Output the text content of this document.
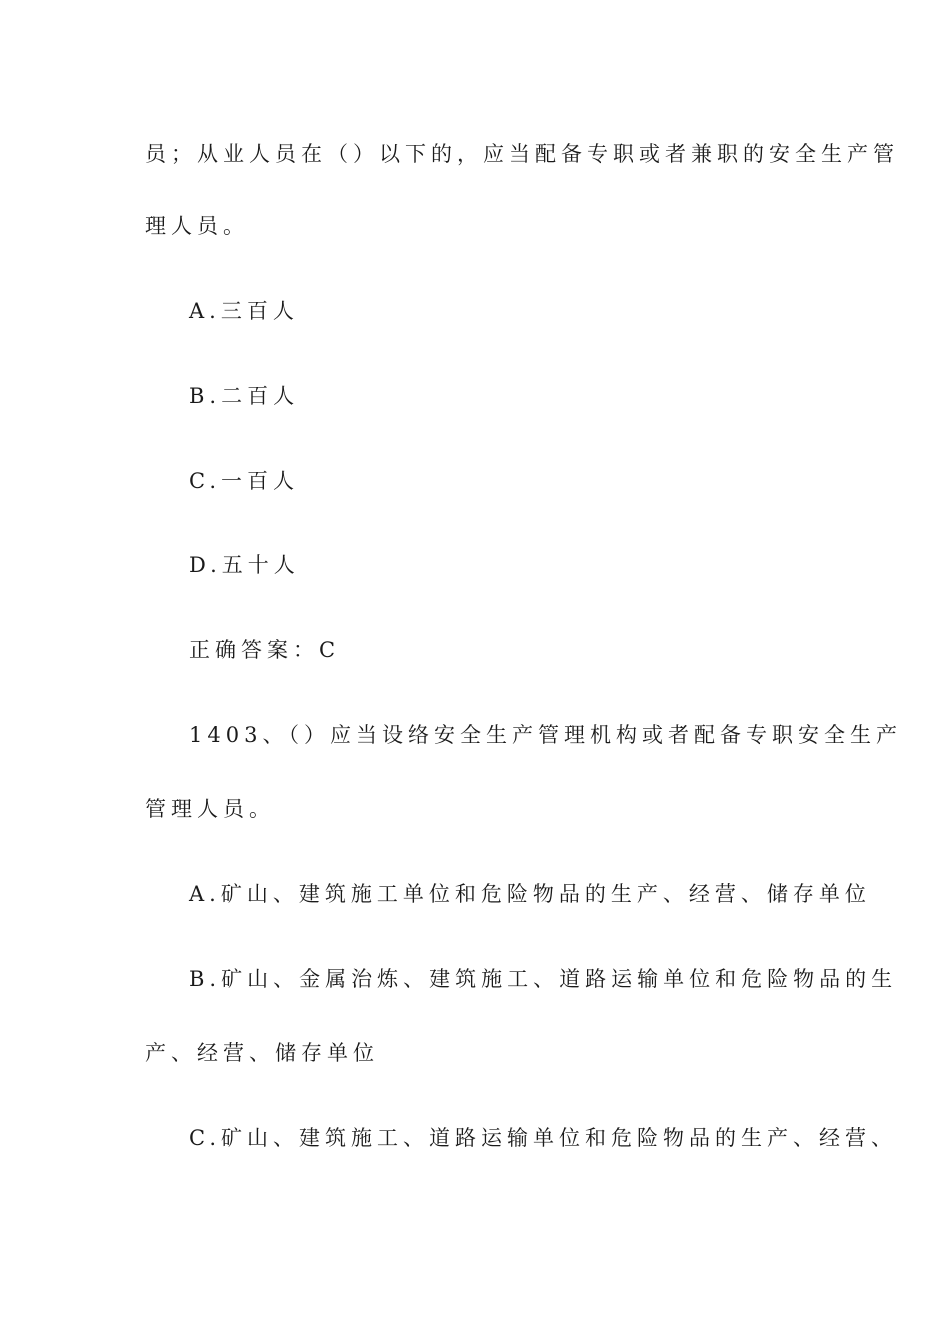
员；从业人员在（）以下的，应当配备专职或者兼职的安全生产管
理人员。
A.三百人
B.二百人
C.一百人
D.五十人
正确答案：C
1403、（）应当设络安全生产管理机构或者配备专职安全生产
管理人员。
A.矿山、建筑施工单位和危险物品的生产、经营、储存单位
B.矿山、金属治炼、建筑施工、道路运输单位和危险物品的生
产、经营、储存单位
C.矿山、建筑施工、道路运输单位和危险物品的生产、经营、
